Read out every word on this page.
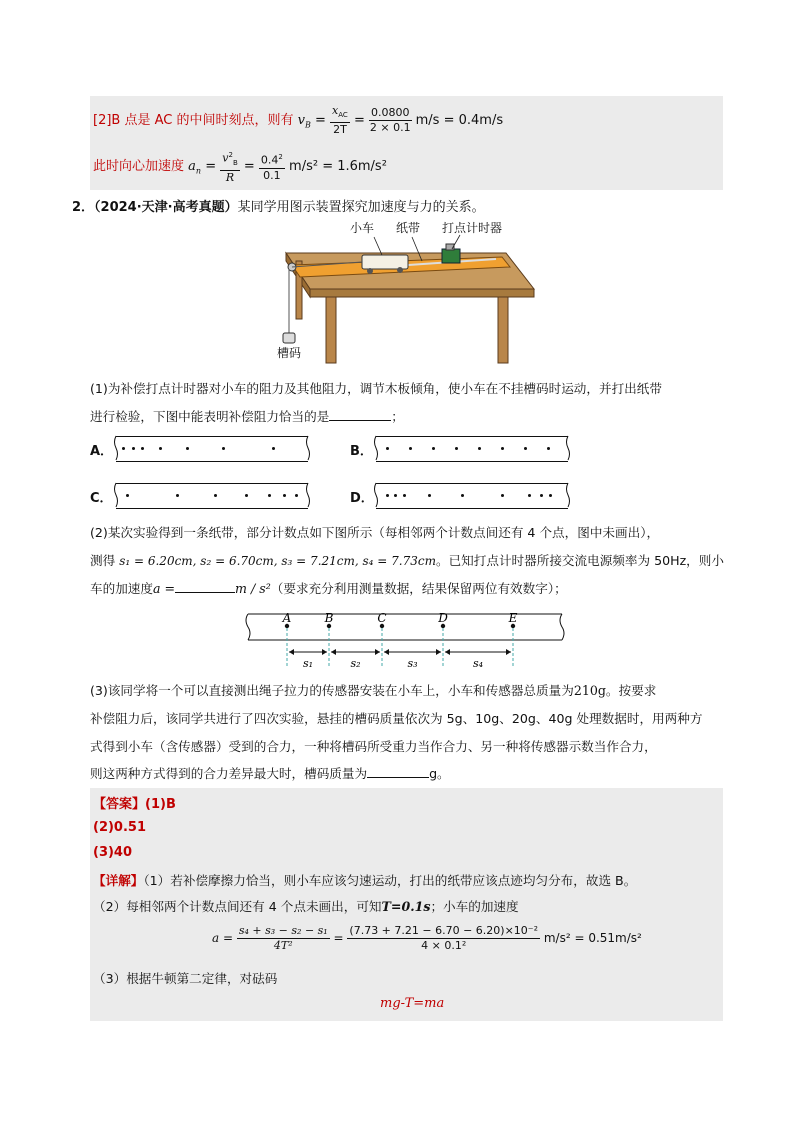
[2]B 点是 AC 的中间时刻点，则有 $v_B = \frac{x_{AC}}{2T} = \frac{0.0800}{2 \times 0.1} m/s = 0.4m/s$
此时向心加速度 $a_n = \frac{v^2_B}{R} = \frac{0.4^2}{0.1} m/s^2 = 1.6m/s^2$
2．（2024·天津·高考真题）某同学用图示装置探究加速度与力的关系。
小车 纸带 打点计时器
槽码
(1)为补偿打点计时器对小车的阻力及其他阻力，调节木板倾角，使小车在不挂槽码时运动，并打出纸带
进行检验，下图中能表明补偿阻力恰当的是	；
A．	B．
C．	D．
(2)某次实验得到一条纸带，部分计数点如下图所示（每相邻两个计数点间还有 4 个点，图中未画出），
测得 s₁ = 6.20cm, s₂ = 6.70cm, s₃ = 7.21cm, s₄ = 7.73cm。已知打点计时器所接交流电源频率为 50Hz，则小
车的加速度a =	m / s²（要求充分利用测量数据，结果保留两位有效数字）；
A	B	C	D	E
s₁	s₂	s₃	s₄
(3)该同学将一个可以直接测出绳子拉力的传感器安装在小车上，小车和传感器总质量为210g。按要求
补偿阻力后，该同学共进行了四次实验，悬挂的槽码质量依次为 5g、10g、20g、40g 处理数据时，用两种方
式得到小车（含传感器）受到的合力，一种将槽码所受重力当作合力、另一种将传感器示数当作合力，
则这两种方式得到的合力差异最大时，槽码质量为	g。
【答案】(1)B
(2)0.51
(3)40
【详解】（1）若补偿摩擦力恰当，则小车应该匀速运动，打出的纸带应该点迹均匀分布，故选 B。
（2）每相邻两个计数点间还有 4 个点未画出，可知T=0.1s；小车的加速度
$a = \frac{\text{s₄ + s₃ − s₂ − s₁}}{\text{4T²}} = \frac{\text{(7.73 + 7.21 − 6.70 − 6.20)×10⁻²}}{\text{4 × 0.1²}} m/s^2 = 0.51m/s^2$
（3）根据牛顿第二定律，对砝码
mg-T=ma
